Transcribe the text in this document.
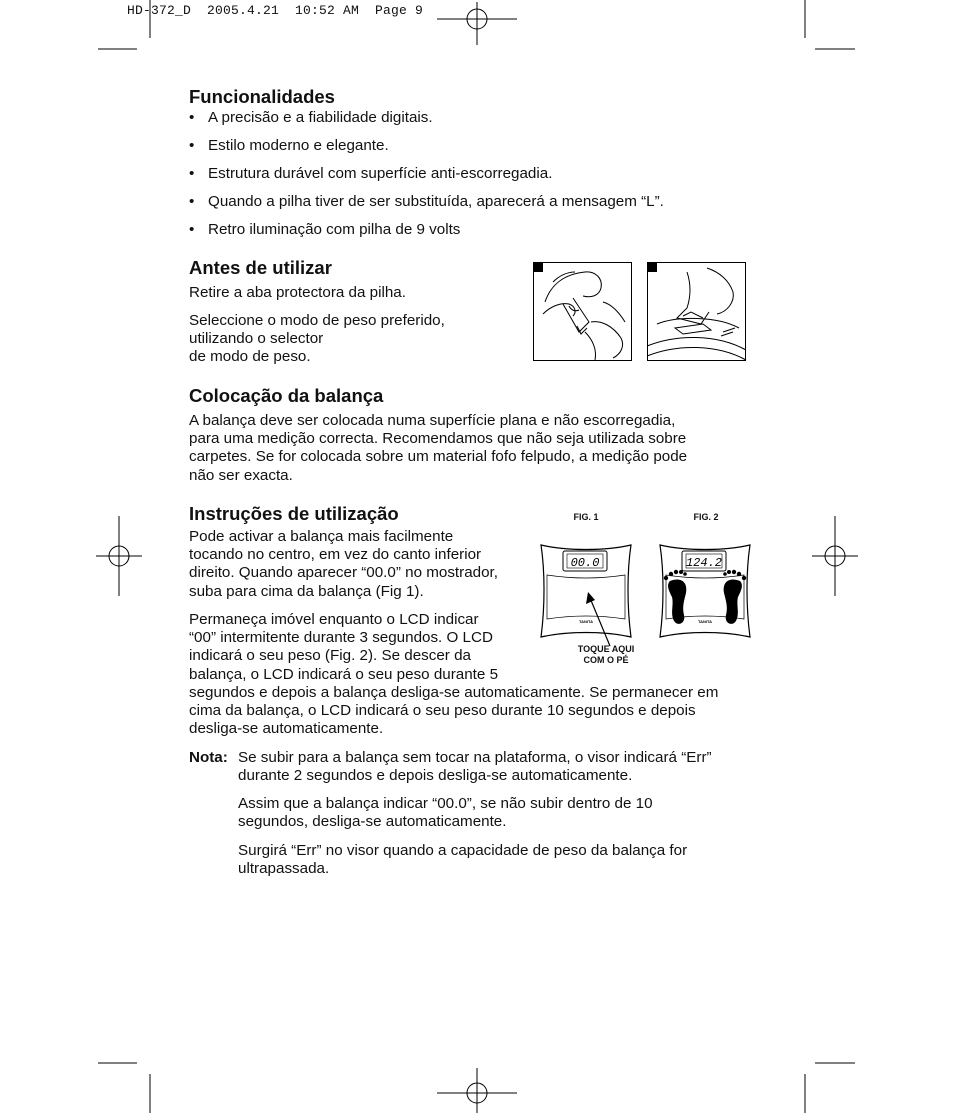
HD-372_D  2005.4.21  10:52 AM  Page 9
Funcionalidades
• A precisão e a fiabilidade digitais.
• Estilo moderno e elegante.
• Estrutura durável com superfície anti-escorregadia.
• Quando a pilha tiver de ser substituída, aparecerá a mensagem “L”.
• Retro iluminação com pilha de 9 volts
Antes de utilizar

Retire a aba protectora da pilha.

Seleccione o modo de peso preferido,

utilizando o selector

de modo de peso.

Colocação da balança

A balança deve ser colocada numa superfície plana e não escorregadia,

para uma medição correcta. Recomendamos que não seja utilizada sobre

carpetes. Se for colocada sobre um material fofo felpudo, a medição pode

não ser exacta.

Instruções de utilização

Pode activar a balança mais facilmente

tocando no centro, em vez do canto inferior

direito. Quando aparecer “00.0” no mostrador,

suba para cima da balança (Fig 1).

Permaneça imóvel enquanto o LCD indicar

“00” intermitente durante 3 segundos. O LCD

indicará o seu peso (Fig. 2). Se descer da

balança, o LCD indicará o seu peso durante 5

segundos e depois a balança desliga-se automaticamente. Se permanecer em

cima da balança, o LCD indicará o seu peso durante 10 segundos e depois

desliga-se automaticamente.

FIG. 1	FIG. 2
00.0
TANITA
TOQUE AQUI
COM O PÉ
124.2
TANITA
Nota: Se subir para a balança sem tocar na plataforma, o visor indicará “Err”

durante 2 segundos e depois desliga-se automaticamente.

Assim que a balança indicar “00.0”, se não subir dentro de 10

segundos, desliga-se automaticamente.

Surgirá “Err” no visor quando a capacidade de peso da balança for

ultrapassada.
